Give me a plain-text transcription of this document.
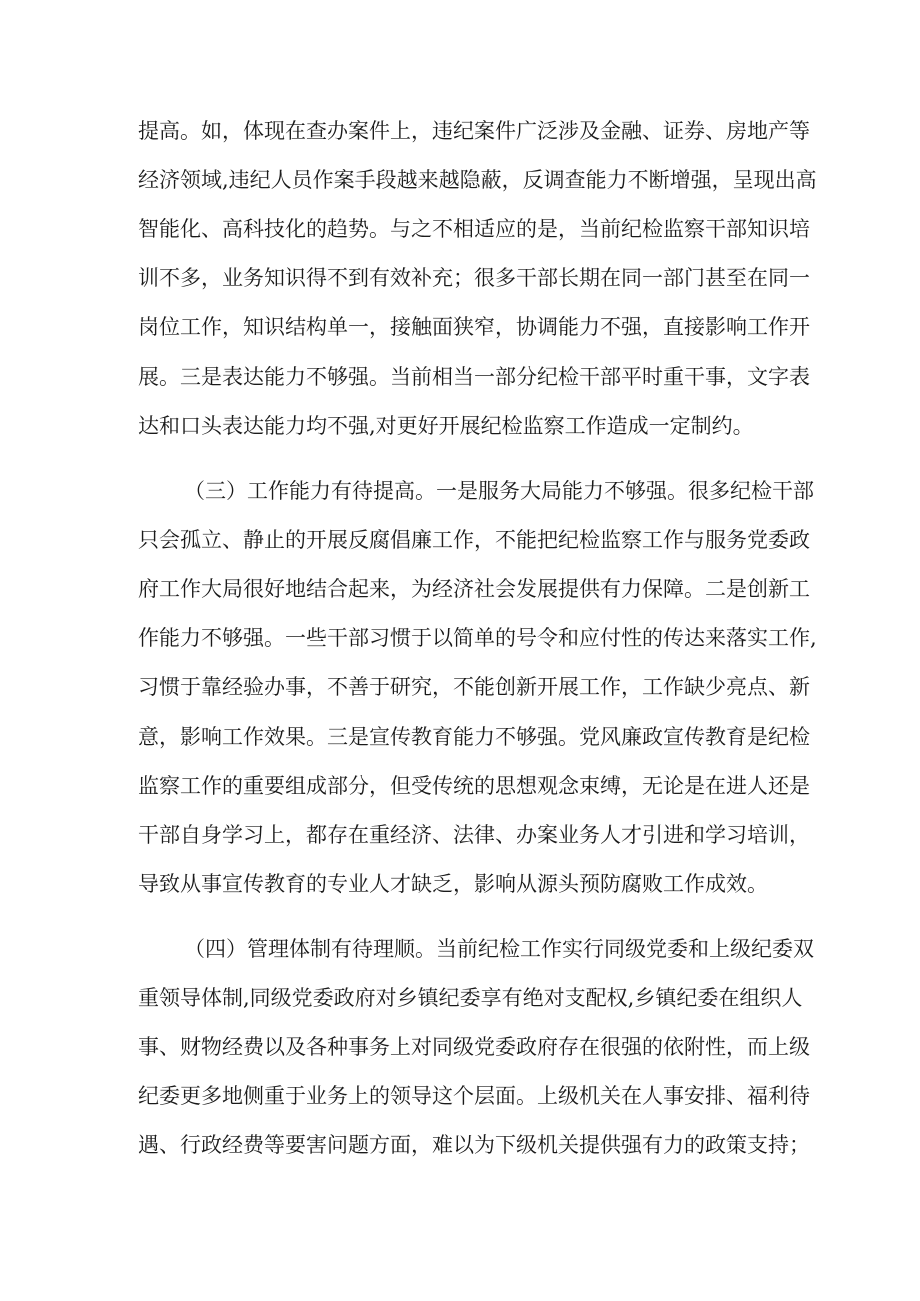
提高。如，体现在查办案件上，违纪案件广泛涉及金融、证券、房地产等
经济领域,违纪人员作案手段越来越隐蔽，反调查能力不断增强，呈现出高
智能化、高科技化的趋势。与之不相适应的是，当前纪检监察干部知识培
训不多，业务知识得不到有效补充；很多干部长期在同一部门甚至在同一
岗位工作，知识结构单一，接触面狭窄，协调能力不强，直接影响工作开
展。三是表达能力不够强。当前相当一部分纪检干部平时重干事，文字表
达和口头表达能力均不强,对更好开展纪检监察工作造成一定制约。
（三）工作能力有待提高。一是服务大局能力不够强。很多纪检干部
只会孤立、静止的开展反腐倡廉工作，不能把纪检监察工作与服务党委政
府工作大局很好地结合起来，为经济社会发展提供有力保障。二是创新工
作能力不够强。一些干部习惯于以简单的号令和应付性的传达来落实工作,
习惯于靠经验办事，不善于研究，不能创新开展工作，工作缺少亮点、新
意，影响工作效果。三是宣传教育能力不够强。党风廉政宣传教育是纪检
监察工作的重要组成部分，但受传统的思想观念束缚，无论是在进人还是
干部自身学习上，都存在重经济、法律、办案业务人才引进和学习培训，
导致从事宣传教育的专业人才缺乏，影响从源头预防腐败工作成效。
（四）管理体制有待理顺。当前纪检工作实行同级党委和上级纪委双
重领导体制,同级党委政府对乡镇纪委享有绝对支配权,乡镇纪委在组织人
事、财物经费以及各种事务上对同级党委政府存在很强的依附性，而上级
纪委更多地侧重于业务上的领导这个层面。上级机关在人事安排、福利待
遇、行政经费等要害问题方面，难以为下级机关提供强有力的政策支持；
